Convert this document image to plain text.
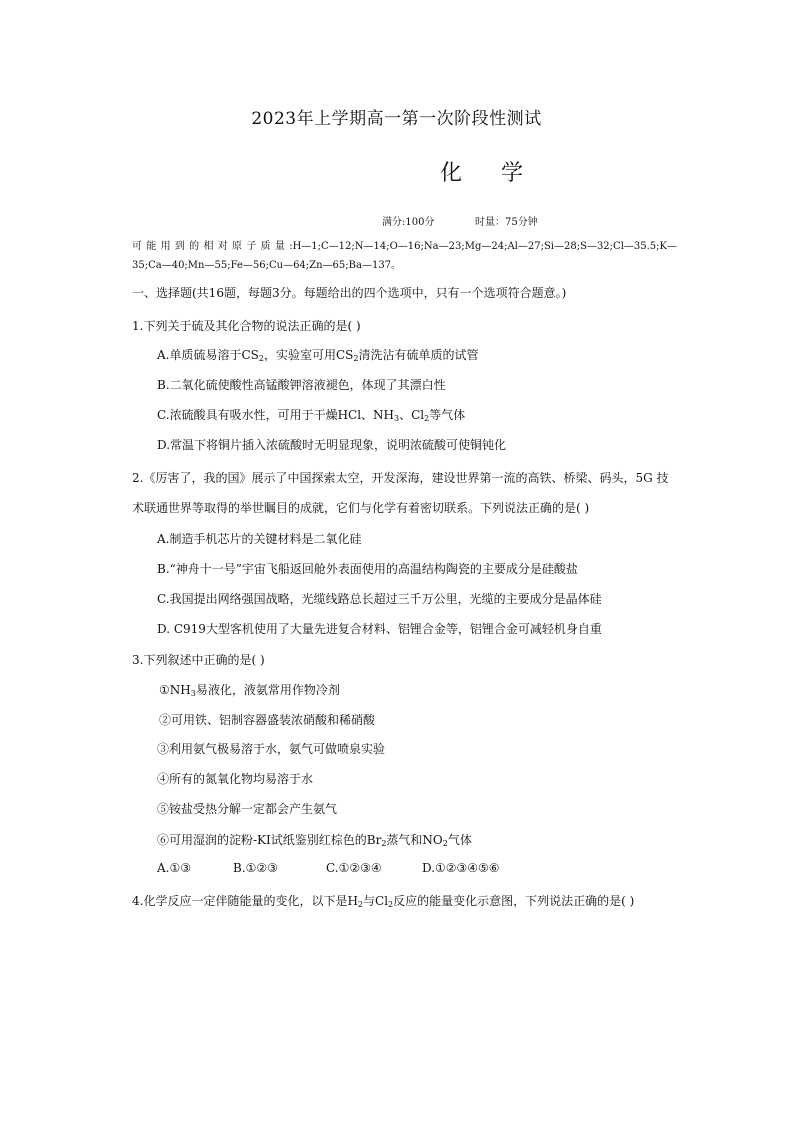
2023年上学期高一第一次阶段性测试
化 学
满分:100分	时量：75分钟
可 能 用 到 的 相 对 原 子 质 量 :H—1;C—12;N—14;O—16;Na—23;Mg—24;Al—27;Si—28;S—32;Cl—35.5;K—35;Ca—40;Mn—55;Fe—56;Cu—64;Zn—65;Ba—137。
一、选择题(共16题，每题3分。每题给出的四个选项中，只有一个选项符合题意。)
1.下列关于硫及其化合物的说法正确的是( )
A.单质硫易溶于$CS_2$，实验室可用$CS_2$清洗沾有硫单质的试管
B.二氧化硫使酸性高锰酸钾溶液褪色，体现了其漂白性
C.浓硫酸具有吸水性，可用于干燥HCl、$NH_3$、$Cl_2$等气体
D.常温下将铜片插入浓硫酸时无明显现象，说明浓硫酸可使铜钝化
2.《厉害了，我的国》展示了中国探索太空，开发深海，建设世界第一流的高铁、桥梁、码头，5G 技
术联通世界等取得的举世瞩目的成就，它们与化学有着密切联系。下列说法正确的是( )
A.制造手机芯片的关键材料是二氧化硅
B.“神舟十一号”宇宙飞船返回舱外表面使用的高温结构陶瓷的主要成分是硅酸盐
C.我国提出网络强国战略，光缆线路总长超过三千万公里，光缆的主要成分是晶体硅
D. C919大型客机使用了大量先进复合材料、铝锂合金等，铝锂合金可减轻机身自重
3.下列叙述中正确的是( )
$①NH_3$易液化，液氨常用作物冷剂
②可用铁、铝制容器盛装浓硝酸和稀硝酸
③利用氨气极易溶于水，氨气可做喷泉实验
④所有的氮氧化物均易溶于水
⑤铵盐受热分解一定都会产生氨气
⑥可用湿润的淀粉-KI试纸鉴别红棕色的$Br_2$蒸气和$NO_2$气体
A.①③	B.①②③	C.①②③④	D.①②③④⑤⑥
4.化学反应一定伴随能量的变化，以下是$H_2$与$Cl_2$反应的能量变化示意图，下列说法正确的是( )
